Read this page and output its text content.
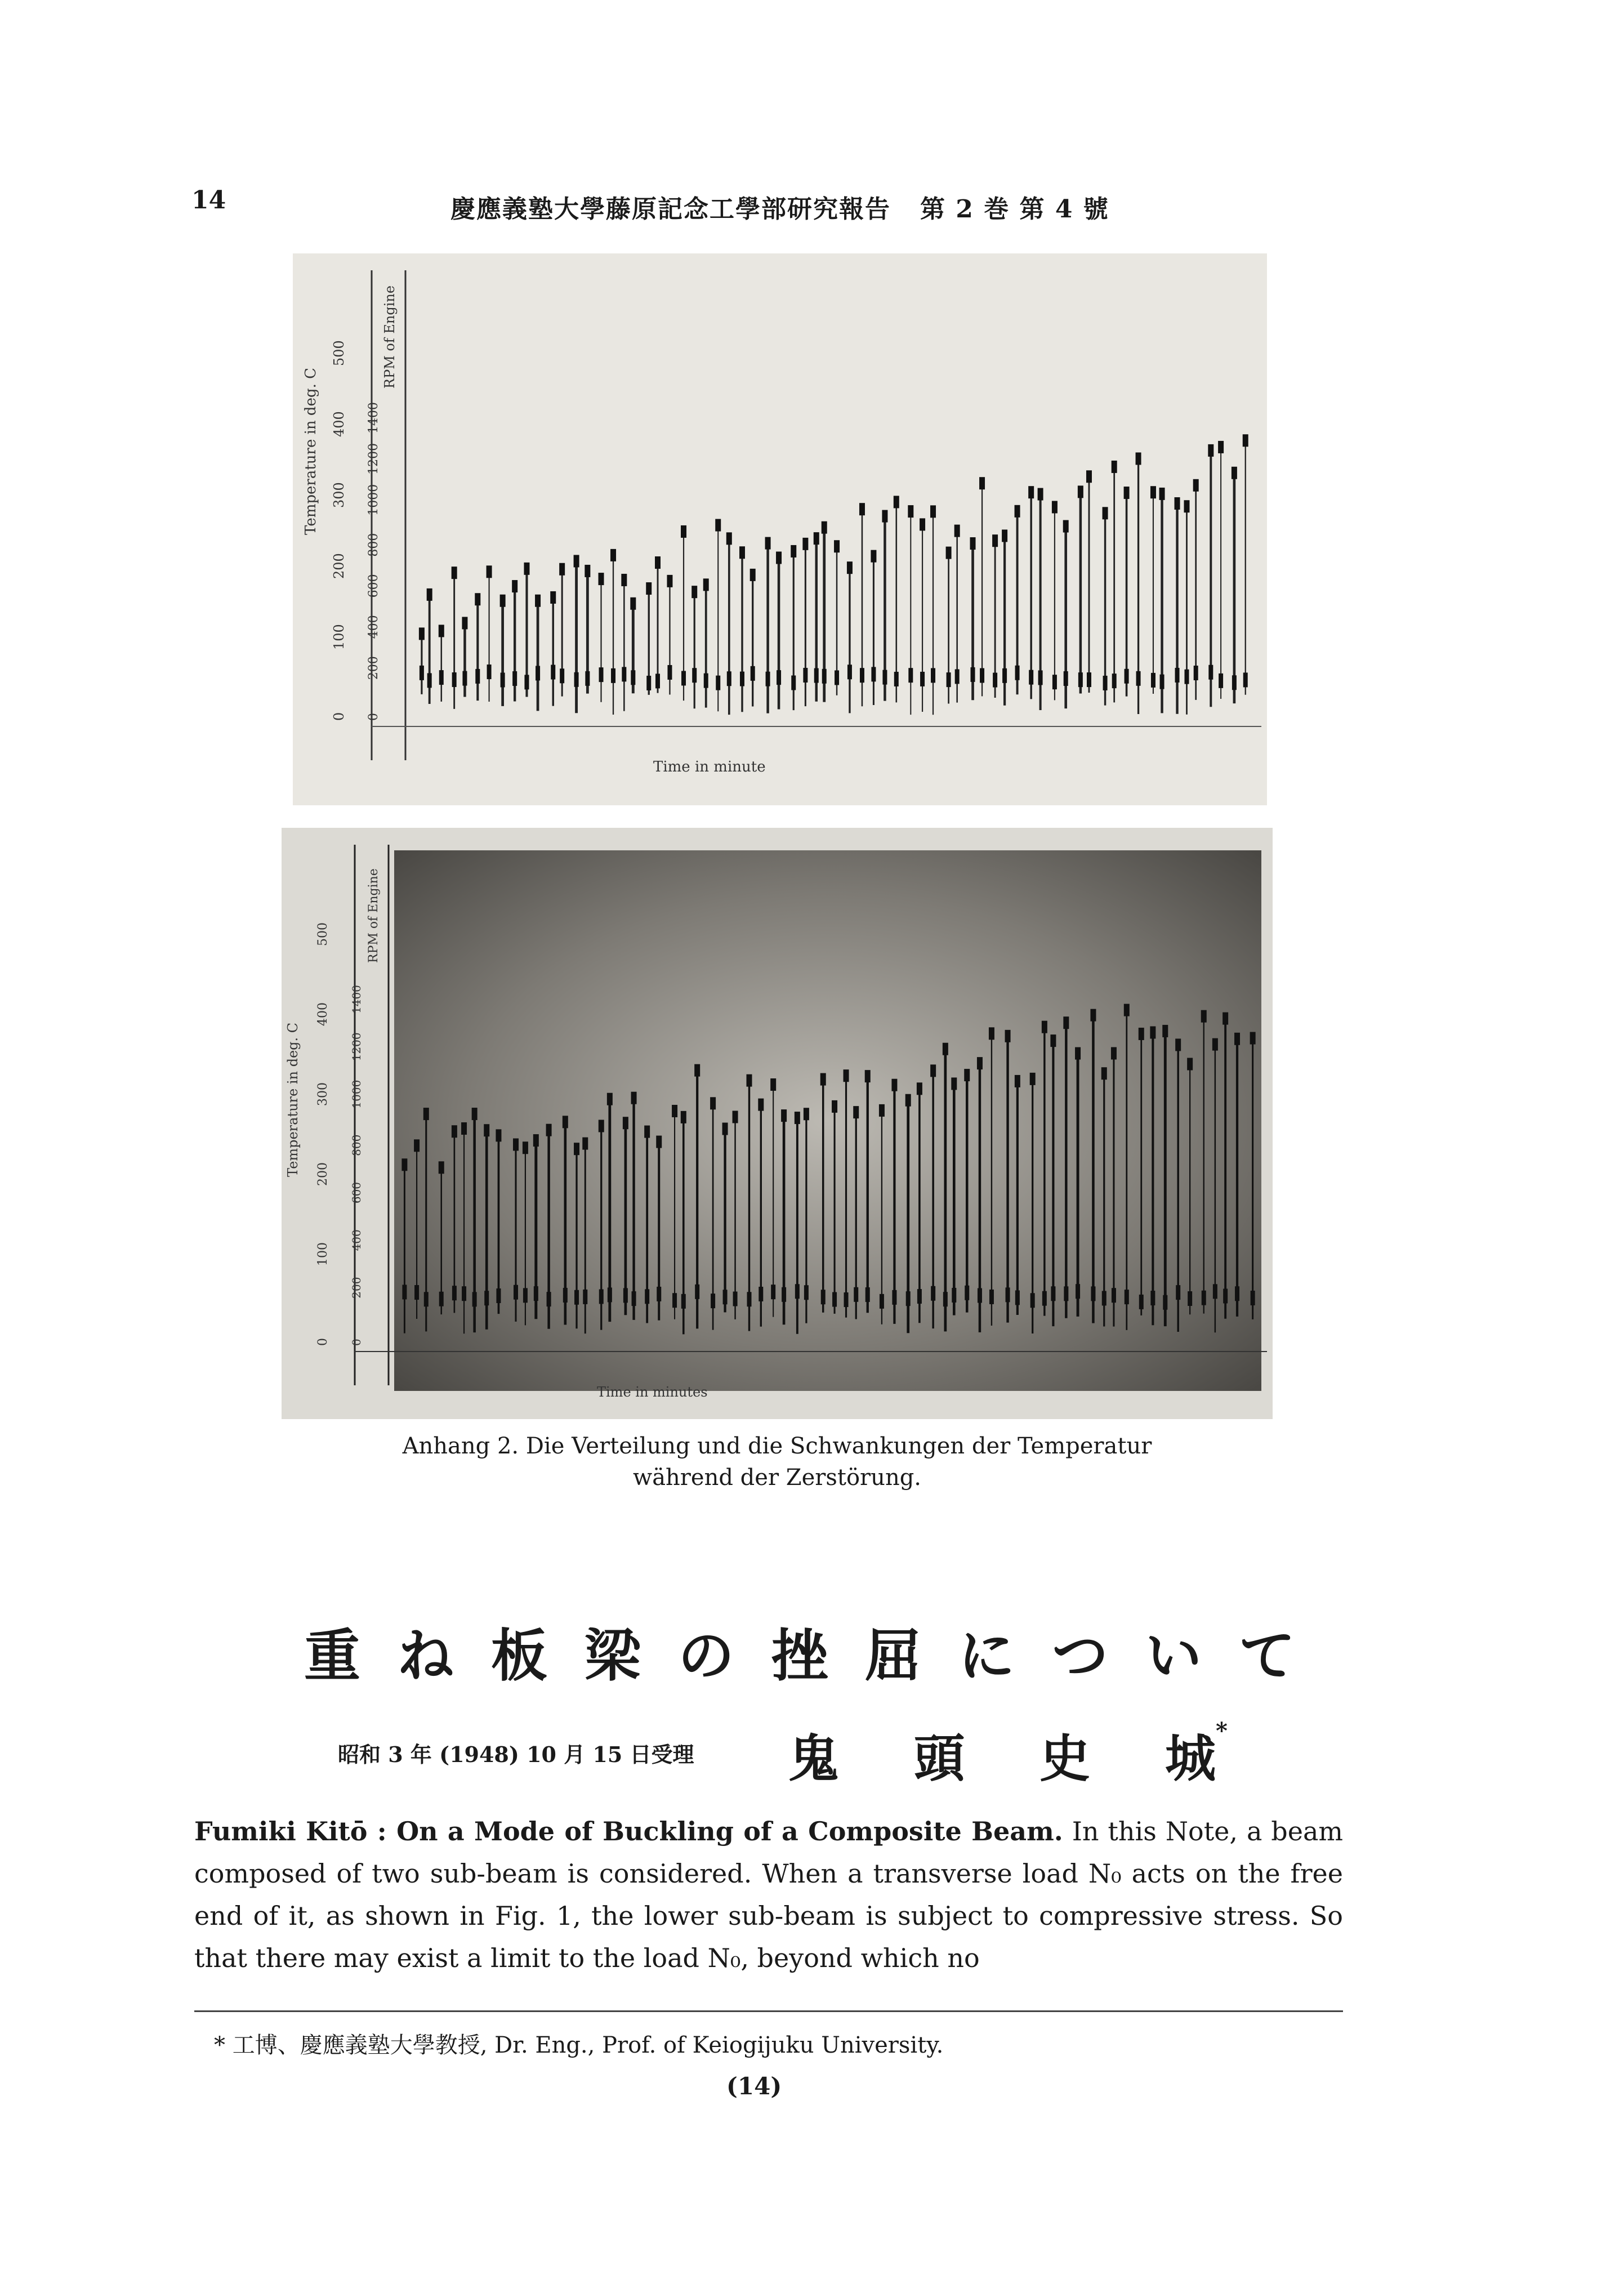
14	慶應義塾大學藤原記念工學部研究報告 第 2 巻 第 4 號
Temperature in deg. C
0
100
200
300
400
500
0
200
400
600
800
1000
1200
1400
RPM of Engine
Time in minute
Temperature in deg. C
0
100
200
300
400
500
0
200
400
600
800
1000
1200
1400
RPM of Engine
Time in minutes
Anhang 2. Die Verteilung und die Schwankungen der Temperatur
während der Zerstörung.
重 ね 板 梁 の 挫 屈 に つ い て
昭和 3 年 (1948) 10 月 15 日受理 鬼 頭 史 城*
Fumiki Kitō : On a Mode of Buckling of a Composite Beam. In this Note, a beam composed of two sub-beam is considered. When a transverse load N₀ acts on the free end of it, as shown in Fig. 1, the lower sub-beam is subject to compressive stress. So that there may exist a limit to the load N₀, beyond which no
* 工博、慶應義塾大學教授, Dr. Eng., Prof. of Keiogijuku University.
(14)
